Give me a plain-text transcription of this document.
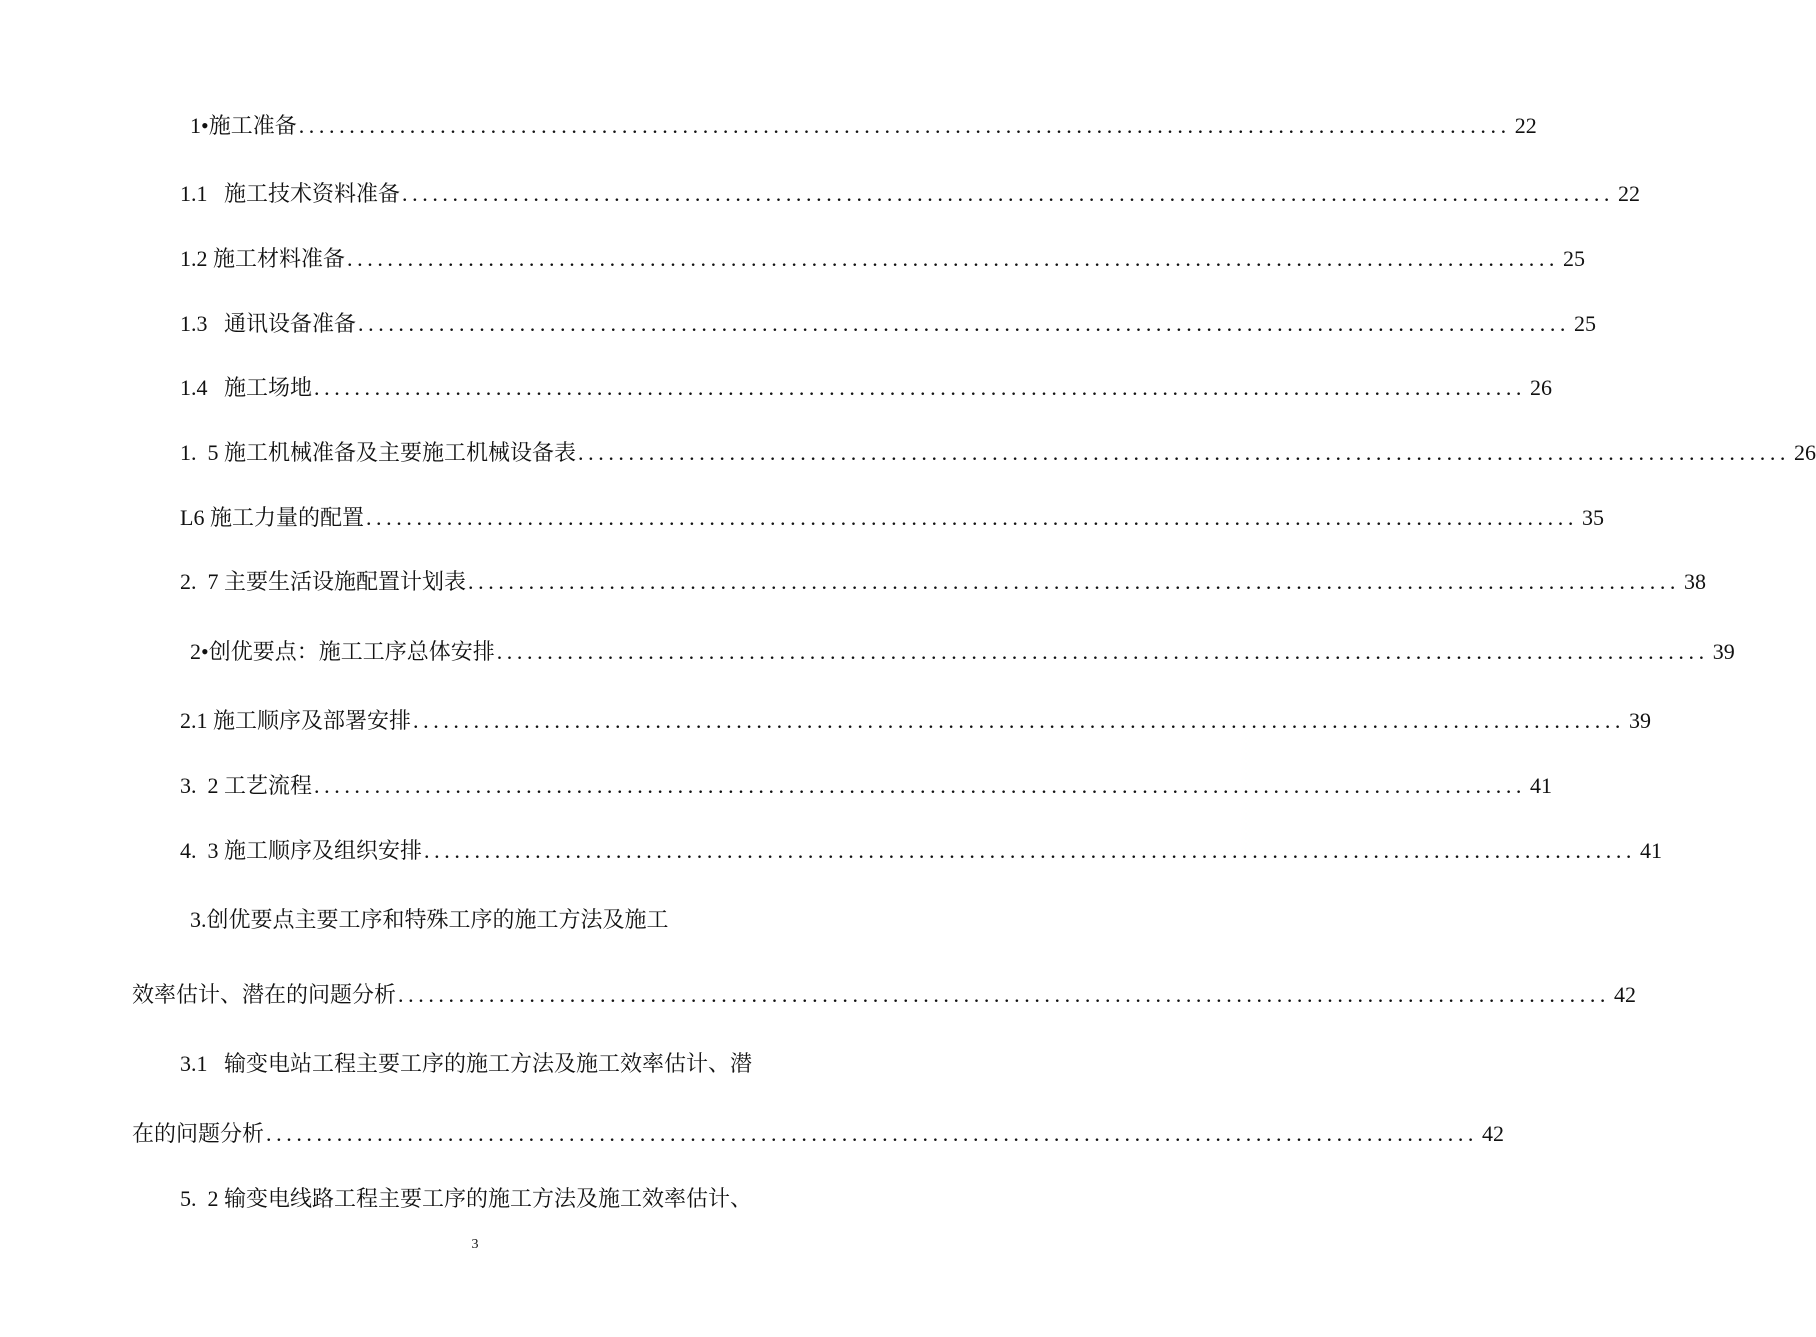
1•施工准备 ........................................................................................................................ 22
1.1   施工技术资料准备 ........................................................................................................................ 22
1.2 施工材料准备 ........................................................................................................................ 25
1.3   通讯设备准备 ........................................................................................................................ 25
1.4   施工场地 ........................................................................................................................ 26
1.  5 施工机械准备及主要施工机械设备表 ........................................................................................................................ 26
L6 施工力量的配置 ........................................................................................................................ 35
2.  7 主要生活设施配置计划表 ........................................................................................................................ 38
2•创优要点：施工工序总体安排 ........................................................................................................................ 39
2.1 施工顺序及部署安排 ........................................................................................................................ 39
3.  2 工艺流程 ........................................................................................................................ 41
4.  3 施工顺序及组织安排 ........................................................................................................................ 41
3.创优要点主要工序和特殊工序的施工方法及施工
效率估计、潜在的问题分析 ........................................................................................................................ 42
3.1   输变电站工程主要工序的施工方法及施工效率估计、潜
在的问题分析 ........................................................................................................................ 42
5.  2 输变电线路工程主要工序的施工方法及施工效率估计、
3
